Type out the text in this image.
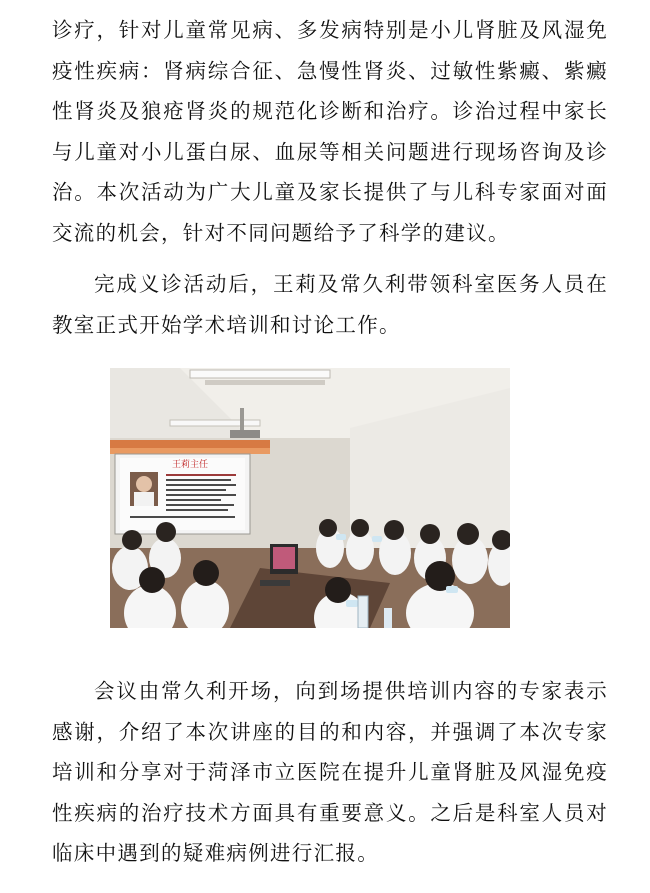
诊疗，针对儿童常见病、多发病特别是小儿肾脏及风湿免疫性疾病：肾病综合征、急慢性肾炎、过敏性紫癜、紫癜性肾炎及狼疮肾炎的规范化诊断和治疗。诊治过程中家长与儿童对小儿蛋白尿、血尿等相关问题进行现场咨询及诊治。本次活动为广大儿童及家长提供了与儿科专家面对面交流的机会，针对不同问题给予了科学的建议。

完成义诊活动后，王莉及常久利带领科室医务人员在教室正式开始学术培训和讨论工作。

王莉主任

会议由常久利开场，向到场提供培训内容的专家表示感谢，介绍了本次讲座的目的和内容，并强调了本次专家培训和分享对于菏泽市立医院在提升儿童肾脏及风湿免疫性疾病的治疗技术方面具有重要意义。之后是科室人员对临床中遇到的疑难病例进行汇报。
